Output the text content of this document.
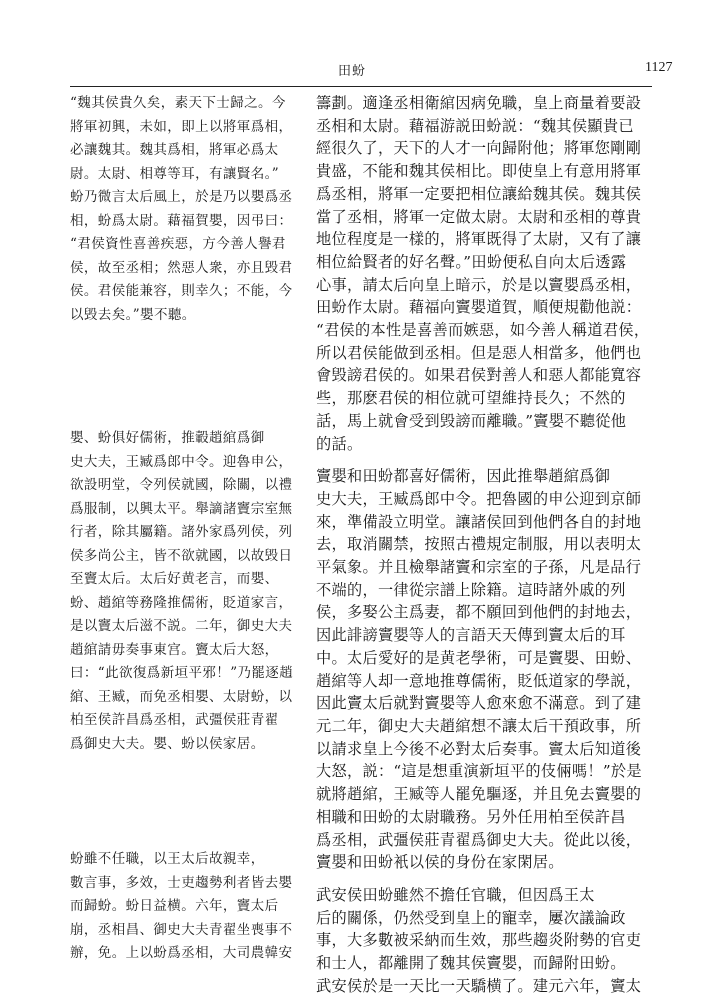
田蚡	1127

“魏其侯貴久矣，素天下士歸之。今
將軍初興，未如，即上以將軍爲相，
必讓魏其。魏其爲相，將軍必爲太
尉。太尉、相尊等耳，有讓賢名。”
蚡乃微言太后風上，於是乃以嬰爲丞
相，蚡爲太尉。藉福賀嬰，因弔曰：
“君侯資性喜善疾惡，方今善人譽君
侯，故至丞相；然惡人衆，亦且毁君
侯。君侯能兼容，則幸久；不能，今
以毁去矣。”嬰不聽。

嬰、蚡俱好儒術，推轂趙綰爲御
史大夫，王臧爲郎中令。迎魯申公，
欲設明堂，令列侯就國，除關，以禮
爲服制，以興太平。舉謫諸竇宗室無
行者，除其屬籍。諸外家爲列侯，列
侯多尚公主，皆不欲就國，以故毁日
至竇太后。太后好黄老言，而嬰、
蚡、趙綰等務隆推儒術，貶道家言，
是以竇太后滋不説。二年，御史大夫
趙綰請毋奏事東宫。竇太后大怒，
曰：“此欲復爲新垣平邪！”乃罷逐趙
綰、王臧，而免丞相嬰、太尉蚡，以
柏至侯許昌爲丞相，武彊侯莊青翟
爲御史大夫。嬰、蚡以侯家居。

蚡雖不任職，以王太后故親幸，
數言事，多效，士吏趨勢利者皆去嬰
而歸蚡。蚡日益横。六年，竇太后
崩，丞相昌、御史大夫青翟坐喪事不
辦，免。上以蚡爲丞相，大司農韓安

籌劃。適逢丞相衛綰因病免職，皇上商量着要設
丞相和太尉。藉福游説田蚡説：“魏其侯顯貴已
經很久了，天下的人才一向歸附他；將軍您剛剛
貴盛，不能和魏其侯相比。即使皇上有意用將軍
爲丞相，將軍一定要把相位讓給魏其侯。魏其侯
當了丞相，將軍一定做太尉。太尉和丞相的尊貴
地位程度是一樣的，將軍既得了太尉，又有了讓
相位給賢者的好名聲。”田蚡便私自向太后透露
心事，請太后向皇上暗示，於是以竇嬰爲丞相，
田蚡作太尉。藉福向竇嬰道賀，順便規勸他説：
“君侯的本性是喜善而嫉惡，如今善人稱道君侯，
所以君侯能做到丞相。但是惡人相當多，他們也
會毁謗君侯的。如果君侯對善人和惡人都能寬容
些，那麽君侯的相位就可望維持長久；不然的
話，馬上就會受到毁謗而離職。”竇嬰不聽從他
的話。

竇嬰和田蚡都喜好儒術，因此推舉趙綰爲御
史大夫，王臧爲郎中令。把魯國的申公迎到京師
來，準備設立明堂。讓諸侯回到他們各自的封地
去，取消關禁，按照古禮規定制服，用以表明太
平氣象。并且檢舉諸竇和宗室的子孫，凡是品行
不端的，一律從宗譜上除籍。這時諸外戚的列
侯，多娶公主爲妻，都不願回到他們的封地去，
因此誹謗竇嬰等人的言語天天傳到竇太后的耳
中。太后愛好的是黄老學術，可是竇嬰、田蚡、
趙綰等人却一意地推尊儒術，貶低道家的學説，
因此竇太后就對竇嬰等人愈來愈不滿意。到了建
元二年，御史大夫趙綰想不讓太后干預政事，所
以請求皇上今後不必對太后奏事。竇太后知道後
大怒，説：“這是想重演新垣平的伎倆嗎！”於是
就將趙綰，王臧等人罷免驅逐，并且免去竇嬰的
相職和田蚡的太尉職務。另外任用柏至侯許昌
爲丞相，武彊侯莊青翟爲御史大夫。從此以後，
竇嬰和田蚡衹以侯的身份在家閑居。

武安侯田蚡雖然不擔任官職，但因爲王太
后的關係，仍然受到皇上的寵幸，屢次議論政
事，大多數被采納而生效，那些趨炎附勢的官吏
和士人，都離開了魏其侯竇嬰，而歸附田蚡。
武安侯於是一天比一天驕横了。建元六年，竇太
